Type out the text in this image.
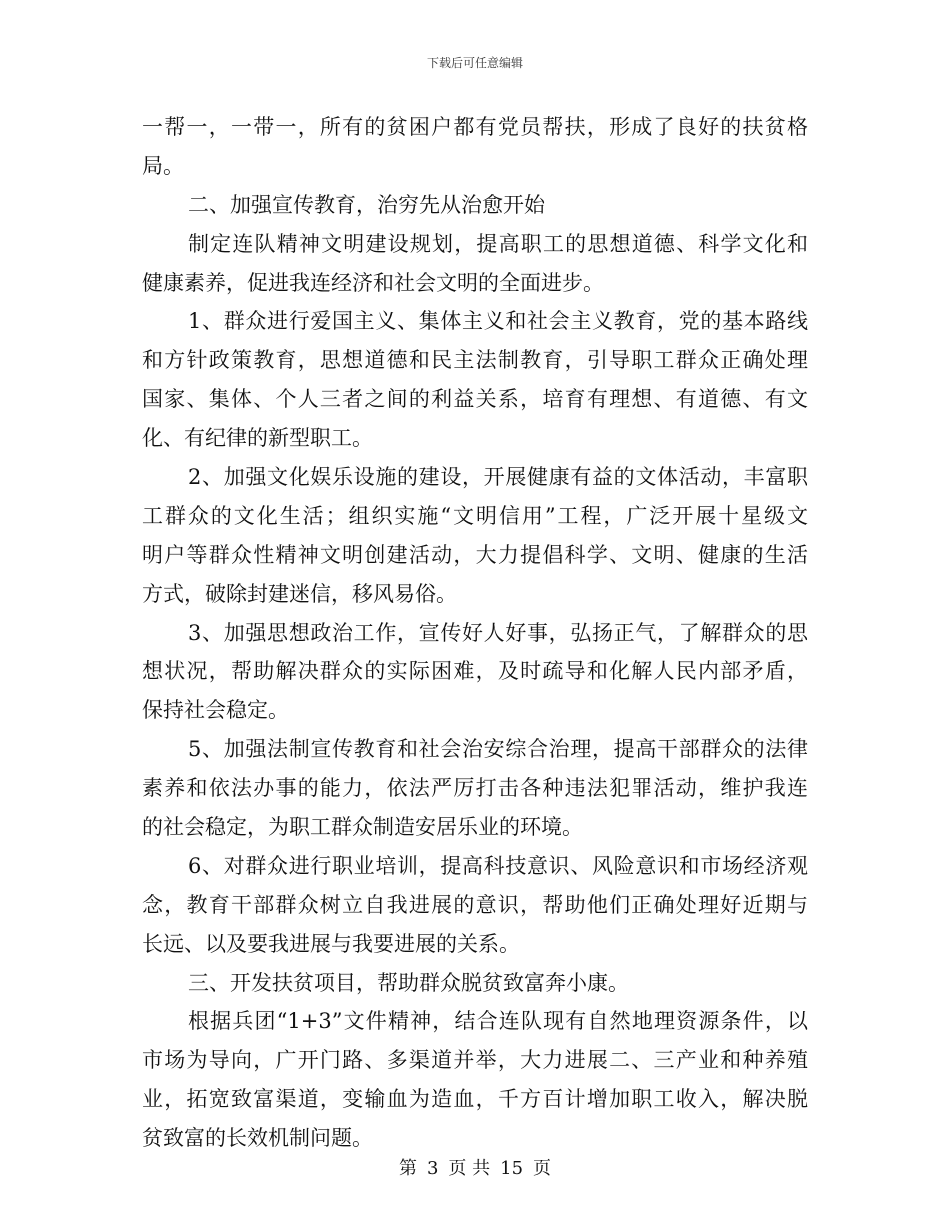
下载后可任意编辑
一帮一，一带一，所有的贫困户都有党员帮扶，形成了良好的扶贫格
局。
二、加强宣传教育，治穷先从治愈开始
制定连队精神文明建设规划，提高职工的思想道德、科学文化和
健康素养，促进我连经济和社会文明的全面进步。
1、群众进行爱国主义、集体主义和社会主义教育，党的基本路线
和方针政策教育，思想道德和民主法制教育，引导职工群众正确处理
国家、集体、个人三者之间的利益关系，培育有理想、有道德、有文
化、有纪律的新型职工。
2、加强文化娱乐设施的建设，开展健康有益的文体活动，丰富职
工群众的文化生活；组织实施“文明信用”工程，广泛开展十星级文
明户等群众性精神文明创建活动，大力提倡科学、文明、健康的生活
方式，破除封建迷信，移风易俗。
3、加强思想政治工作，宣传好人好事，弘扬正气，了解群众的思
想状况，帮助解决群众的实际困难，及时疏导和化解人民内部矛盾，
保持社会稳定。
5、加强法制宣传教育和社会治安综合治理，提高干部群众的法律
素养和依法办事的能力，依法严厉打击各种违法犯罪活动，维护我连
的社会稳定，为职工群众制造安居乐业的环境。
6、对群众进行职业培训，提高科技意识、风险意识和市场经济观
念，教育干部群众树立自我进展的意识，帮助他们正确处理好近期与
长远、以及要我进展与我要进展的关系。
三、开发扶贫项目，帮助群众脱贫致富奔小康。
根据兵团“1+3”文件精神，结合连队现有自然地理资源条件，以
市场为导向，广开门路、多渠道并举，大力进展二、三产业和种养殖
业，拓宽致富渠道，变输血为造血，千方百计增加职工收入，解决脱
贫致富的长效机制问题。
第 3 页 共 15 页
